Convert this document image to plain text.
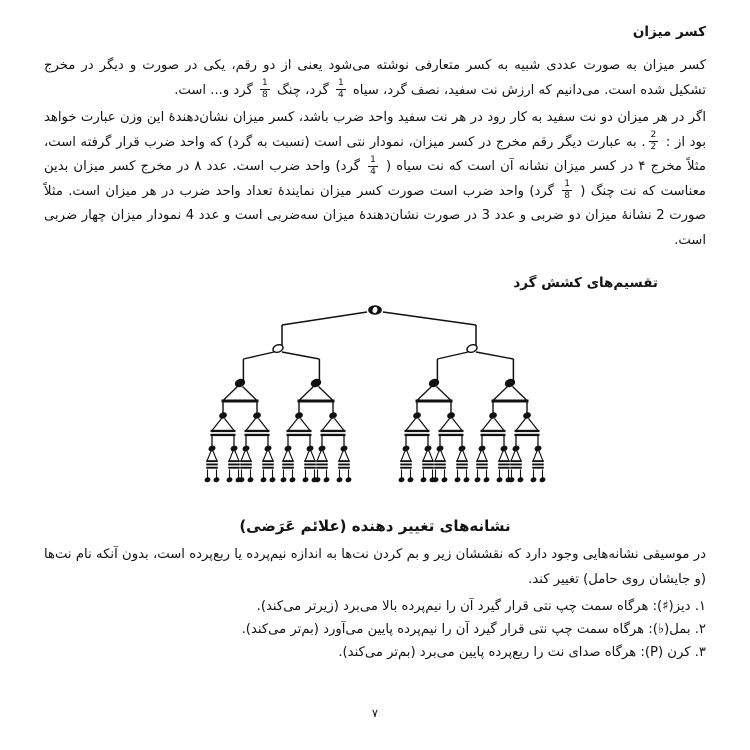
کسر میزان

کسر میزان به صورت عددی شبیه به کسر متعارفی نوشته می‌شود یعنی از دو رقم، یکی در صورت و دیگر در مخرج تشکیل شده است. می‌دانیم که ارزش نت سفید، نصف گرد، سیاه
$\frac{1}{4}$
گرد، چنگ
$\frac{1}{8}$
گرد و... است.

اگر در هر میزان دو نت سفید به کار رود در هر نت سفید واحد ضرب باشد، کسر میزان نشان‌دهندهٔ این وزن عبارت خواهد بود از :
$\frac{2}{2}$
. به عبارت دیگر رقم مخرج در کسر میزان، نمودار نتی است (نسبت به گرد) که واحد ضرب قرار گرفته است، مثلاً مخرج ۴ در کسر میزان نشانه آن است که نت سیاه (
$\frac{1}{4}$
گرد) واحد ضرب است. عدد ۸ در مخرج کسر میزان بدین معناست که نت چنگ (
$\frac{1}{8}$
گرد) واحد ضرب است صورت کسر میزان نمایندهٔ تعداد واحد ضرب در هر میزان است. مثلاً صورت 2 نشانهٔ میزان دو ضربی و عدد 3 در صورت نشان‌دهندهٔ میزان سه‌ضربی است و عدد 4 نمودار میزان چهار ضربی است.

تقسیم‌های کشش گرد
نشانه‌های تغییر دهنده (علائم عَرَضی)

در موسیقی نشانه‌هایی وجود دارد که نقششان زیر و بم کردن نت‌ها به اندازه نیم‌پرده یا ربع‌پرده است، بدون آنکه نام نت‌ها (و جایشان روی حامل) تغییر کند.

۱. دیز(♯): هرگاه سمت چپ نتی قرار گیرد آن را نیم‌پرده بالا می‌برد (زیرتر می‌کند).
۲. بمل(♭): هرگاه سمت چپ نتی قرار گیرد آن را نیم‌پرده پایین می‌آورد (بم‌تر می‌کند).
۳. کرن (P): هرگاه صدای نت را ربع‌پرده پایین می‌برد (بم‌تر می‌کند).
۷
